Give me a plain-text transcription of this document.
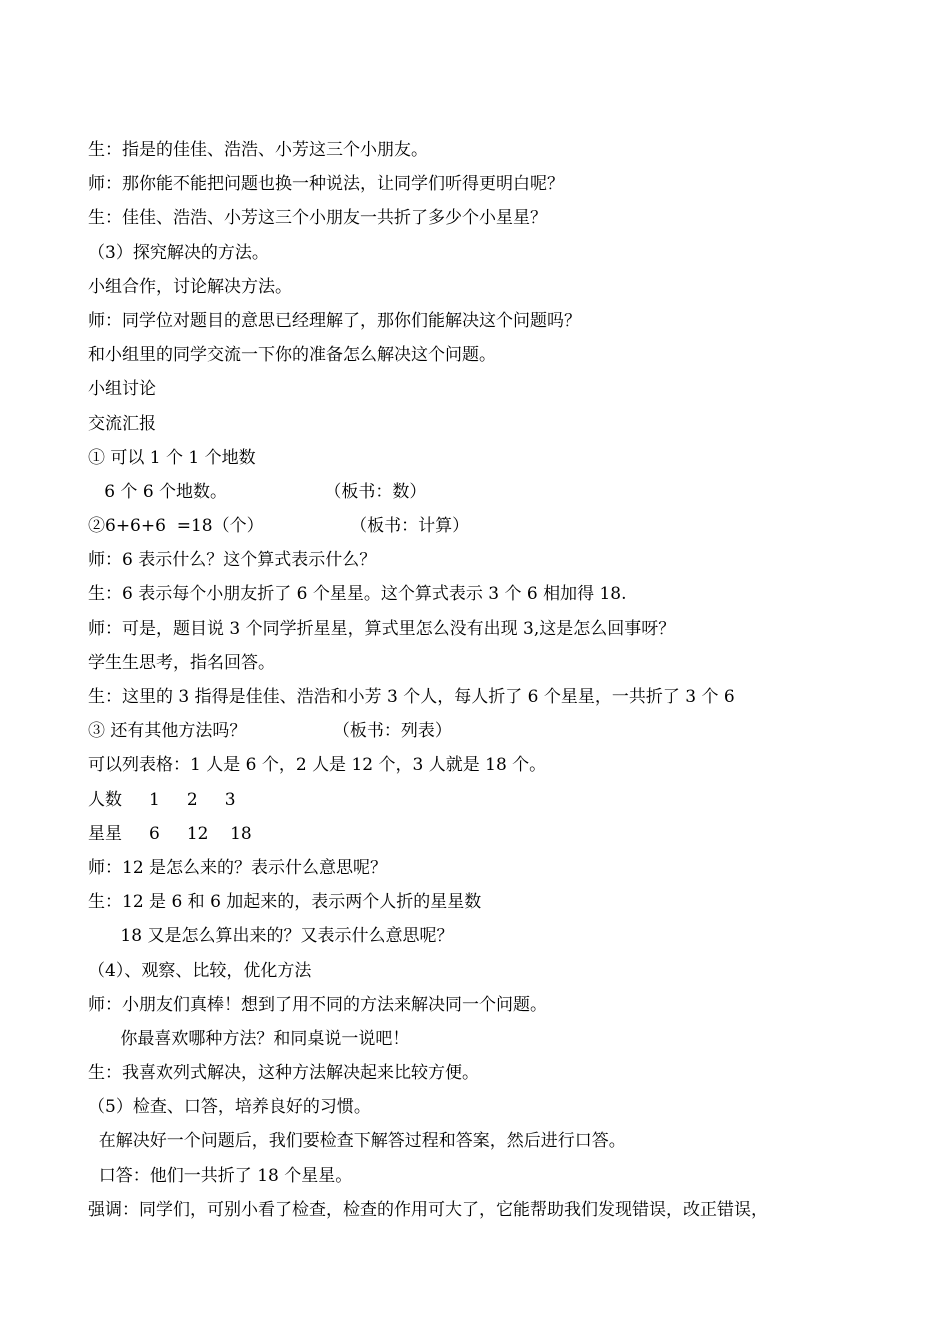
生：指是的佳佳、浩浩、小芳这三个小朋友。

师：那你能不能把问题也换一种说法，让同学们听得更明白呢？

生：佳佳、浩浩、小芳这三个小朋友一共折了多少个小星星？

（3）探究解决的方法。

小组合作，讨论解决方法。

师：同学位对题目的意思已经理解了，那你们能解决这个问题吗？

和小组里的同学交流一下你的准备怎么解决这个问题。

小组讨论

交流汇报

① 可以 1 个 1 个地数

6 个 6 个地数。                  （板书：数）

②6+6+6  =18（个）                （板书：计算）

师：6 表示什么？这个算式表示什么？

生：6 表示每个小朋友折了 6 个星星。这个算式表示 3 个 6 相加得 18.

师：可是，题目说 3 个同学折星星，算式里怎么没有出现 3,这是怎么回事呀？

学生生思考，指名回答。

生：这里的 3 指得是佳佳、浩浩和小芳 3 个人，每人折了 6 个星星，一共折了 3 个 6

③ 还有其他方法吗？                （板书：列表）

可以列表格：1 人是 6 个，2 人是 12 个，3 人就是 18 个。

人数     1     2     3

星星     6     12    18

师：12 是怎么来的？表示什么意思呢？

生：12 是 6 和 6 加起来的，表示两个人折的星星数

18 又是怎么算出来的？又表示什么意思呢？

（4）、观察、比较，优化方法

师：小朋友们真棒！想到了用不同的方法来解决同一个问题。

你最喜欢哪种方法？和同桌说一说吧！

生：我喜欢列式解决，这种方法解决起来比较方便。

（5）检查、口答，培养良好的习惯。

在解决好一个问题后，我们要检查下解答过程和答案，然后进行口答。

口答：他们一共折了 18 个星星。

强调：同学们，可别小看了检查，检查的作用可大了，它能帮助我们发现错误，改正错误，
